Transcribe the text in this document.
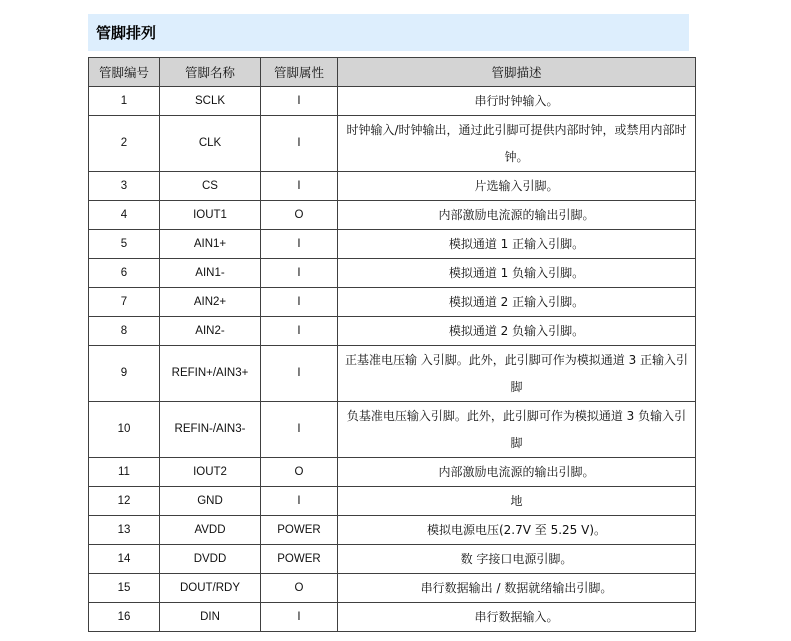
管脚排列
管脚编号	管脚名称	管脚属性	管脚描述
1	SCLK	I	串行时钟输入。
2	CLK	I	时钟输入/时钟输出，通过此引脚可提供内部时钟，或禁用内部时钟。
3	CS	I	片选输入引脚。
4	IOUT1	O	内部激励电流源的输出引脚。
5	AIN1+	I	模拟通道 1 正输入引脚。
6	AIN1-	I	模拟通道 1 负输入引脚。
7	AIN2+	I	模拟通道 2 正输入引脚。
8	AIN2-	I	模拟通道 2 负输入引脚。
9	REFIN+/AIN3+	I	正基准电压输 入引脚。此外，此引脚可作为模拟通道 3 正输入引脚
10	REFIN-/AIN3-	I	负基准电压输入引脚。此外，此引脚可作为模拟通道 3 负输入引脚
11	IOUT2	O	内部激励电流源的输出引脚。
12	GND	I	地
13	AVDD	POWER	模拟电源电压(2.7V 至 5.25 V)。
14	DVDD	POWER	数 字接口电源引脚。
15	DOUT/RDY	O	串行数据输出 / 数据就绪输出引脚。
16	DIN	I	串行数据输入。
